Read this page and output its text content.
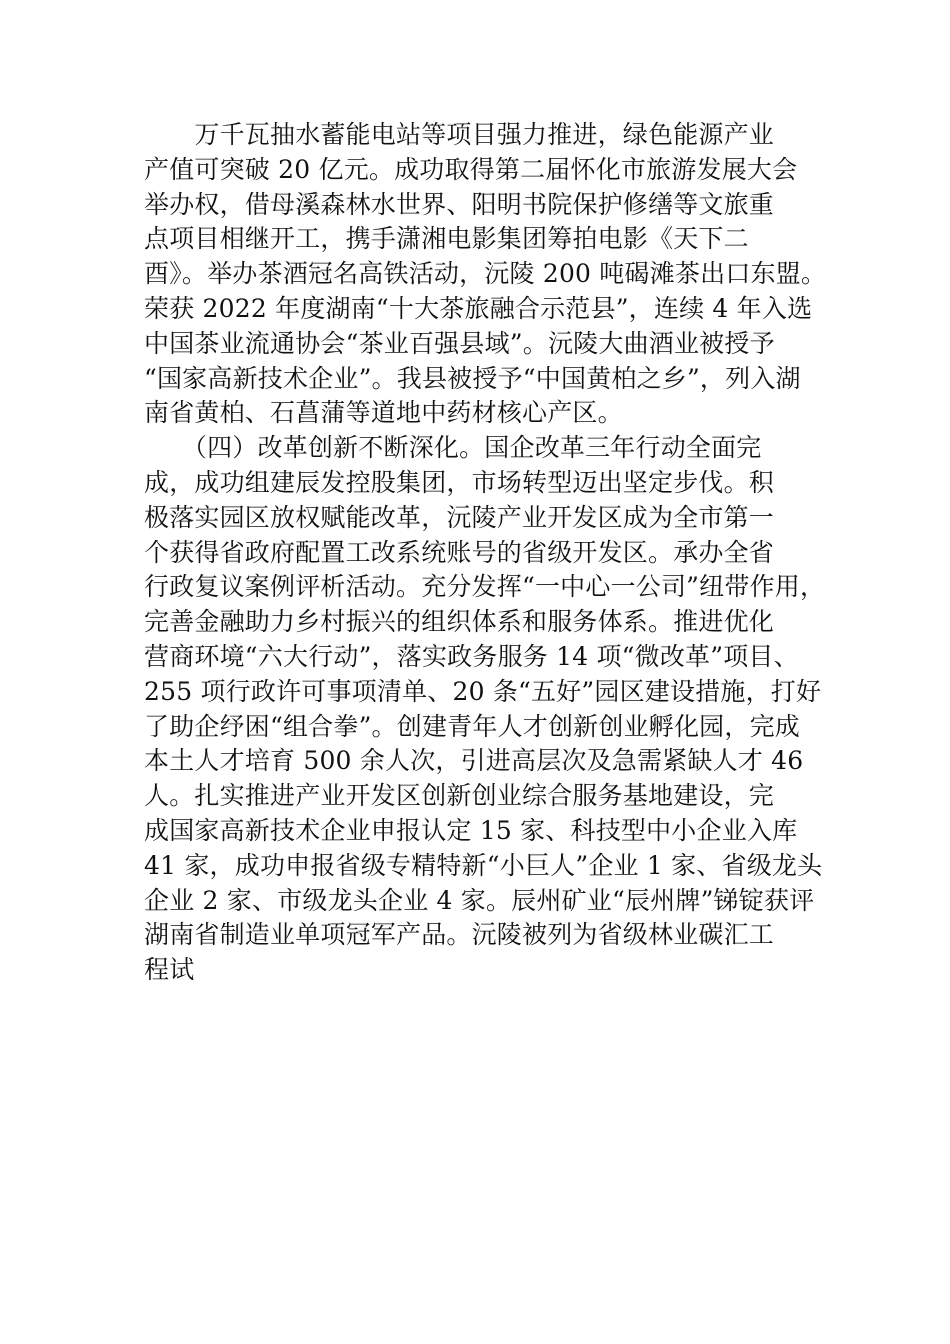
　　万千瓦抽水蓄能电站等项目强力推进，绿色能源产业
产值可突破 20 亿元。成功取得第二届怀化市旅游发展大会
举办权，借母溪森林水世界、阳明书院保护修缮等文旅重
点项目相继开工，携手潇湘电影集团筹拍电影《天下二
酉》。举办茶酒冠名高铁活动，沅陵 200 吨碣滩茶出口东盟。
荣获 2022 年度湖南“十大茶旅融合示范县”，连续 4 年入选
中国茶业流通协会“茶业百强县域”。沅陵大曲酒业被授予
“国家高新技术企业”。我县被授予“中国黄柏之乡”，列入湖
南省黄柏、石菖蒲等道地中药材核心产区。
　　（四）改革创新不断深化。国企改革三年行动全面完
成，成功组建辰发控股集团，市场转型迈出坚定步伐。积
极落实园区放权赋能改革，沅陵产业开发区成为全市第一
个获得省政府配置工改系统账号的省级开发区。承办全省
行政复议案例评析活动。充分发挥“一中心一公司”纽带作用，
完善金融助力乡村振兴的组织体系和服务体系。推进优化
营商环境“六大行动”，落实政务服务 14 项“微改革”项目、
255 项行政许可事项清单、20 条“五好”园区建设措施，打好
了助企纾困“组合拳”。创建青年人才创新创业孵化园，完成
本土人才培育 500 余人次，引进高层次及急需紧缺人才 46
人。扎实推进产业开发区创新创业综合服务基地建设，完
成国家高新技术企业申报认定 15 家、科技型中小企业入库
41 家，成功申报省级专精特新“小巨人”企业 1 家、省级龙头
企业 2 家、市级龙头企业 4 家。辰州矿业“辰州牌”锑锭获评
湖南省制造业单项冠军产品。沅陵被列为省级林业碳汇工
程试
